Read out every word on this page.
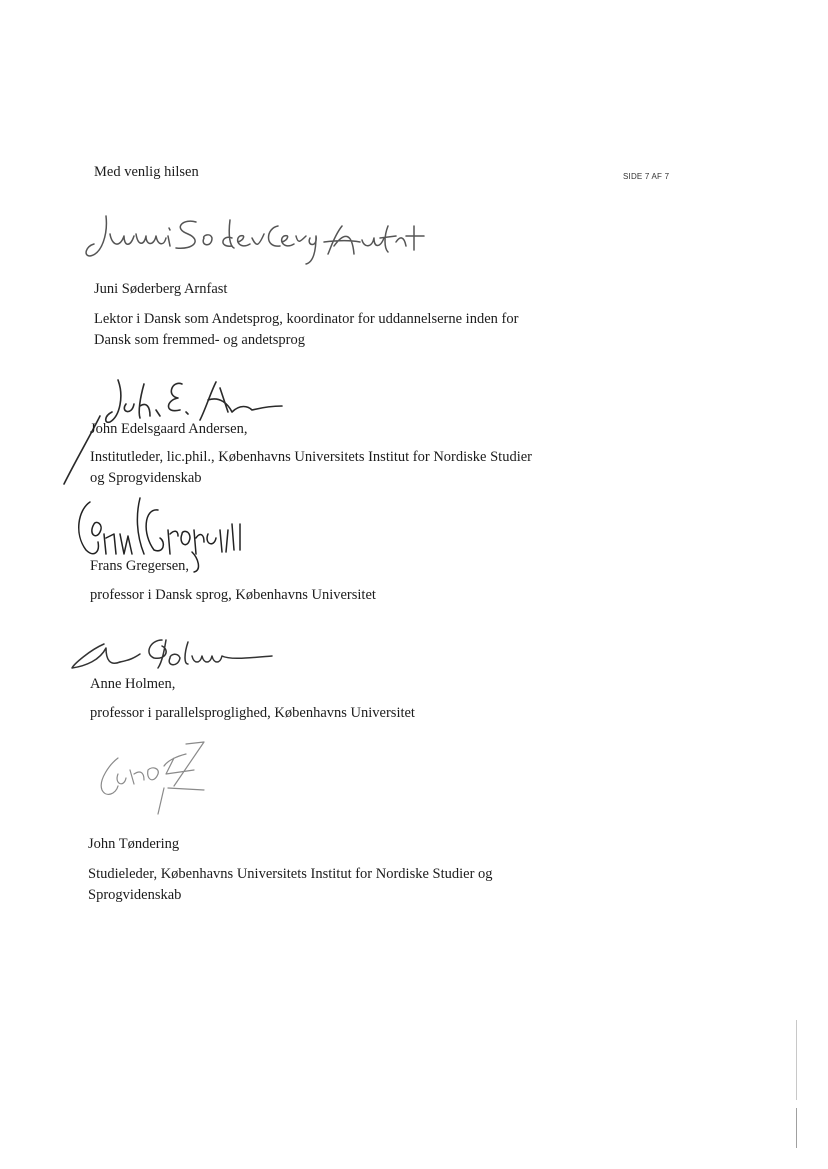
SIDE 7 AF 7
Med venlig hilsen
Juni Søderberg Arnfast
Lektor i Dansk som Andetsprog, koordinator for uddannelserne inden for
Dansk som fremmed- og andetsprog
John Edelsgaard Andersen,
Institutleder, lic.phil., Københavns Universitets Institut for Nordiske Studier
og Sprogvidenskab
Frans Gregersen,
professor i Dansk sprog, Københavns Universitet
Anne Holmen,
professor i parallelsproglighed, Københavns Universitet
John Tøndering
Studieleder, Københavns Universitets Institut for Nordiske Studier og
Sprogvidenskab
